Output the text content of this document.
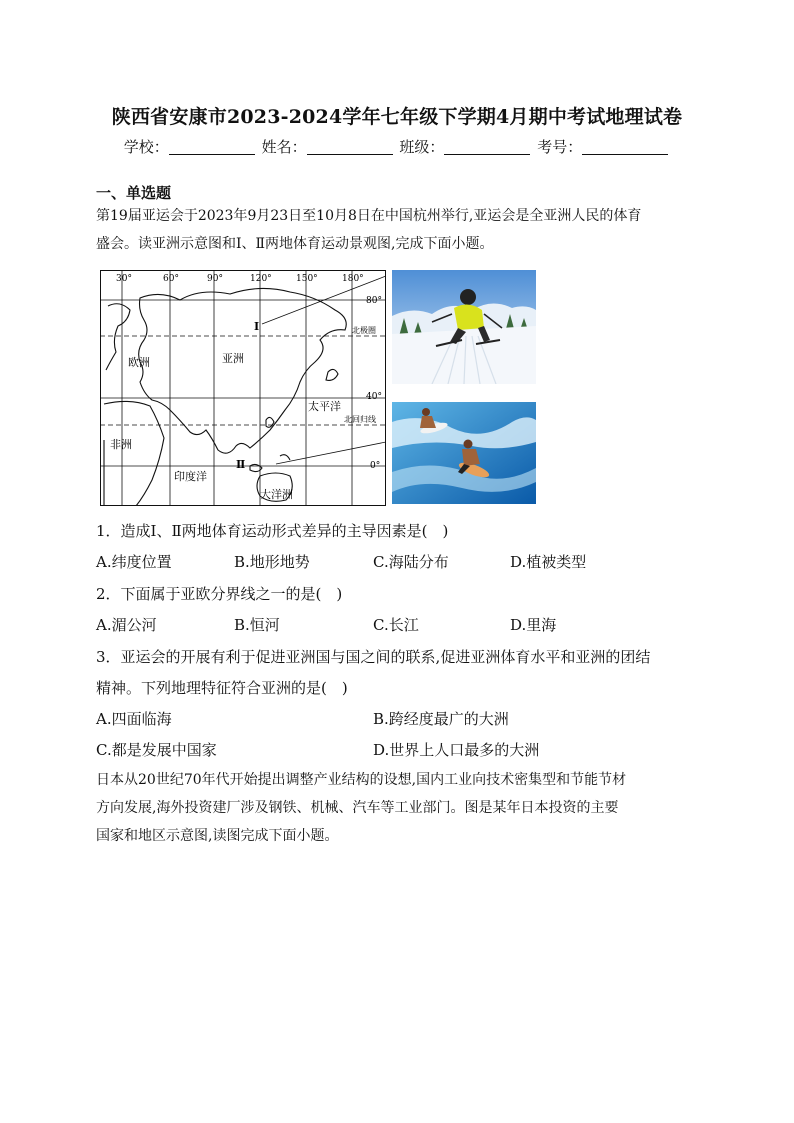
陕西省安康市2023-2024学年七年级下学期4月期中考试地理试卷
学校：	姓名：	班级：	考号：
一、单选题
第19届亚运会于2023年9月23日至10月8日在中国杭州举行,亚运会是全亚洲人民的体育
盛会。读亚洲示意图和Ⅰ、Ⅱ两地体育运动景观图,完成下面小题。
30°	60°	90°	120°	150°	180°
80°
40°
0°
北极圈
北回归线
欧洲	亚洲
非洲
太平洋
印度洋
大洋洲
Ⅰ
Ⅱ
1．造成Ⅰ、Ⅱ两地体育运动形式差异的主导因素是(　)
A.纬度位置	B.地形地势	C.海陆分布	D.植被类型
2．下面属于亚欧分界线之一的是(　)
A.湄公河	B.恒河	C.长江	D.里海
3．亚运会的开展有利于促进亚洲国与国之间的联系,促进亚洲体育水平和亚洲的团结
精神。下列地理特征符合亚洲的是(　)
A.四面临海	B.跨经度最广的大洲
C.都是发展中国家	D.世界上人口最多的大洲
日本从20世纪70年代开始提出调整产业结构的设想,国内工业向技术密集型和节能节材
方向发展,海外投资建厂涉及钢铁、机械、汽车等工业部门。图是某年日本投资的主要
国家和地区示意图,读图完成下面小题。
